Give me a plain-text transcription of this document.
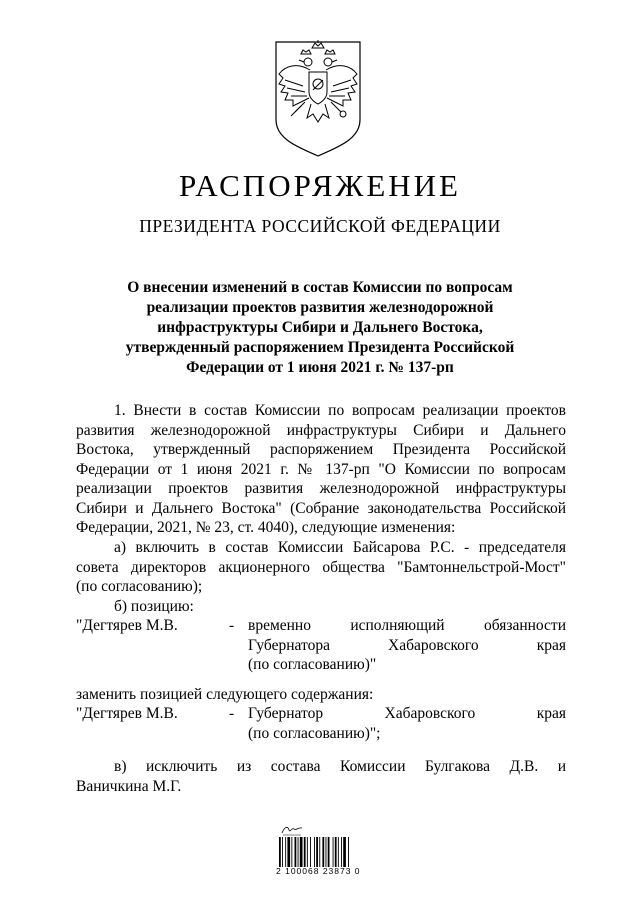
РАСПОРЯЖЕНИЕ
ПРЕЗИДЕНТА РОССИЙСКОЙ ФЕДЕРАЦИИ
О внесении изменений в состав Комиссии по вопросам
реализации проектов развития железнодорожной
инфраструктуры Сибири и Дальнего Востока,
утвержденный распоряжением Президента Российской
Федерации от 1 июня 2021 г. № 137-рп
1. Внести в состав Комиссии по вопросам реализации проектов
развития железнодорожной инфраструктуры Сибири и Дальнего
Востока, утвержденный распоряжением Президента Российской
Федерации от 1 июня 2021 г. № 137-рп "О Комиссии по вопросам
реализации проектов развития железнодорожной инфраструктуры
Сибири и Дальнего Востока" (Собрание законодательства Российской
Федерации, 2021, № 23, ст. 4040), следующие изменения:
а) включить в состав Комиссии Байсарова Р.С. - председателя
совета директоров акционерного общества "Бамтоннельстрой-Мост"
(по согласованию);
б) позицию:
"Дегтярев М.В.	- временно исполняющий обязанности
Губернатора Хабаровского края
(по согласованию)"
заменить позицией следующего содержания:
"Дегтярев М.В.	- Губернатор Хабаровского края
(по согласованию)";
в) исключить из состава Комиссии Булгакова Д.В. и
Ваничкина М.Г.
2 100068 23873 0
